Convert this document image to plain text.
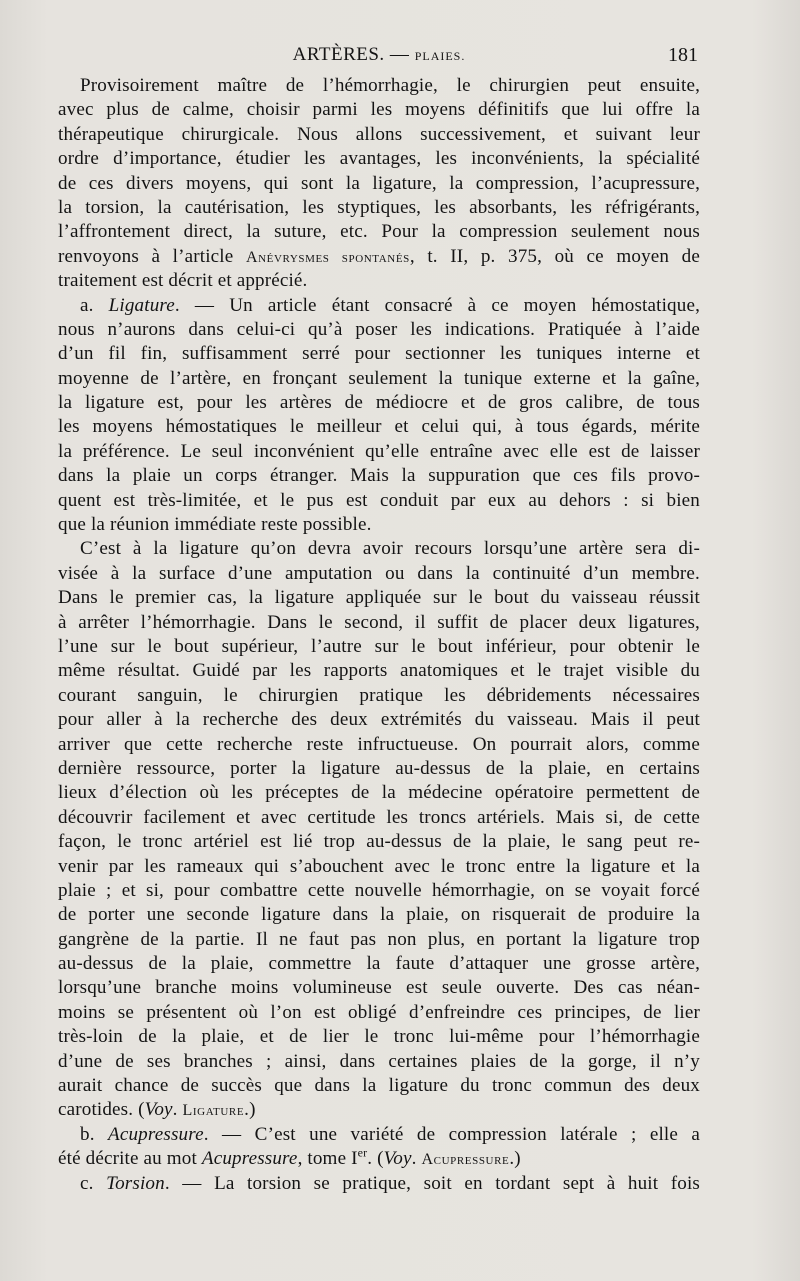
ARTÈRES. — PLAIES.	181
Provisoirement maître de l’hémorrhagie, le chirurgien peut ensuite,
avec plus de calme, choisir parmi les moyens définitifs que lui offre la
thérapeutique chirurgicale. Nous allons successivement, et suivant leur
ordre d’importance, étudier les avantages, les inconvénients, la spécialité
de ces divers moyens, qui sont la ligature, la compression, l’acupressure,
la torsion, la cautérisation, les styptiques, les absorbants, les réfrigérants,
l’affrontement direct, la suture, etc. Pour la compression seulement nous
renvoyons à l’article Anévrysmes spontanés, t. II, p. 375, où ce moyen de
traitement est décrit et apprécié.
a. Ligature. — Un article étant consacré à ce moyen hémostatique,
nous n’aurons dans celui-ci qu’à poser les indications. Pratiquée à l’aide
d’un fil fin, suffisamment serré pour sectionner les tuniques interne et
moyenne de l’artère, en fronçant seulement la tunique externe et la gaîne,
la ligature est, pour les artères de médiocre et de gros calibre, de tous
les moyens hémostatiques le meilleur et celui qui, à tous égards, mérite
la préférence. Le seul inconvénient qu’elle entraîne avec elle est de laisser
dans la plaie un corps étranger. Mais la suppuration que ces fils provo-
quent est très-limitée, et le pus est conduit par eux au dehors : si bien
que la réunion immédiate reste possible.
C’est à la ligature qu’on devra avoir recours lorsqu’une artère sera di-
visée à la surface d’une amputation ou dans la continuité d’un membre.
Dans le premier cas, la ligature appliquée sur le bout du vaisseau réussit
à arrêter l’hémorrhagie. Dans le second, il suffit de placer deux ligatures,
l’une sur le bout supérieur, l’autre sur le bout inférieur, pour obtenir le
même résultat. Guidé par les rapports anatomiques et le trajet visible du
courant sanguin, le chirurgien pratique les débridements nécessaires
pour aller à la recherche des deux extrémités du vaisseau. Mais il peut
arriver que cette recherche reste infructueuse. On pourrait alors, comme
dernière ressource, porter la ligature au-dessus de la plaie, en certains
lieux d’élection où les préceptes de la médecine opératoire permettent de
découvrir facilement et avec certitude les troncs artériels. Mais si, de cette
façon, le tronc artériel est lié trop au-dessus de la plaie, le sang peut re-
venir par les rameaux qui s’abouchent avec le tronc entre la ligature et la
plaie ; et si, pour combattre cette nouvelle hémorrhagie, on se voyait forcé
de porter une seconde ligature dans la plaie, on risquerait de produire la
gangrène de la partie. Il ne faut pas non plus, en portant la ligature trop
au-dessus de la plaie, commettre la faute d’attaquer une grosse artère,
lorsqu’une branche moins volumineuse est seule ouverte. Des cas néan-
moins se présentent où l’on est obligé d’enfreindre ces principes, de lier
très-loin de la plaie, et de lier le tronc lui-même pour l’hémorrhagie
d’une de ses branches ; ainsi, dans certaines plaies de la gorge, il n’y
aurait chance de succès que dans la ligature du tronc commun des deux
carotides. (Voy. Ligature.)
b. Acupressure. — C’est une variété de compression latérale ; elle a
été décrite au mot Acupressure, tome Ier. (Voy. Acupressure.)
c. Torsion. — La torsion se pratique, soit en tordant sept à huit fois
